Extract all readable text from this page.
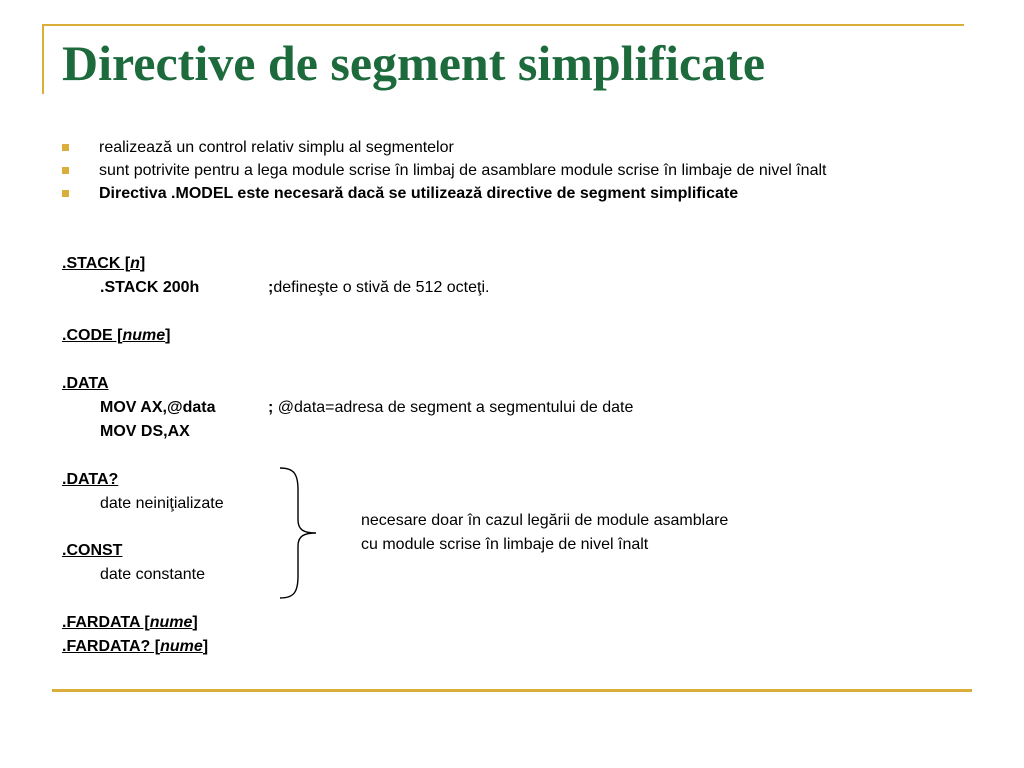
Directive de segment simplificate
realizează un control relativ simplu al segmentelor
sunt potrivite pentru a lega module scrise în limbaj de asamblare module scrise în limbaje de nivel înalt
Directiva .MODEL este necesară dacă se utilizează directive de segment simplificate
.STACK [n]
.STACK 200h	;defineşte o stivă de 512 octeţi.
.CODE [nume]
.DATA
MOV AX,@data	; @data=adresa de segment a segmentului de date
MOV DS,AX
.DATA?
date neiniţializate
.CONST
date constante
.FARDATA [nume]
.FARDATA? [nume]
necesare doar în cazul legării de module asamblare
cu module scrise în limbaje de nivel înalt
